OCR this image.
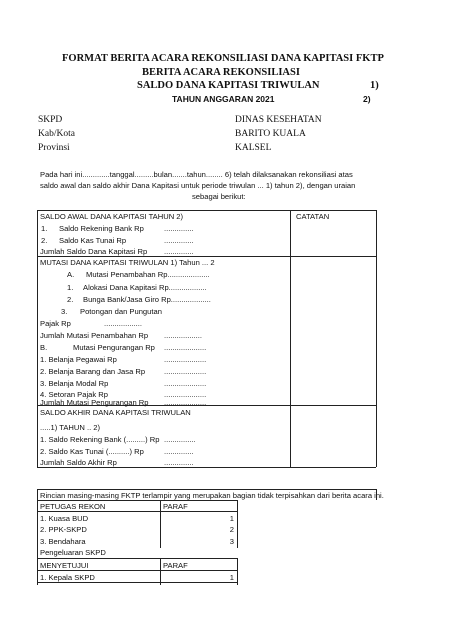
FORMAT BERITA ACARA REKONSILIASI DANA KAPITASI FKTP
BERITA ACARA REKONSILIASI
SALDO DANA KAPITASI TRIWULAN	1)
TAHUN ANGGARAN 2021	2)
SKPD	DINAS KESEHATAN
Kab/Kota	BARITO KUALA
Provinsi	KALSEL
Pada hari ini.............tanggal.........bulan.......tahun........ 6) telah dilaksanakan rekonsiliasi atas
saldo awal dan saldo akhir Dana Kapitasi untuk periode triwulan ... 1) tahun 2), dengan uraian
sebagai berikut:
CATATAN
SALDO AWAL DANA KAPITASI TAHUN 2)
1. Saldo Rekening Bank Rp	..............
2. Saldo Kas Tunai Rp	..............
Jumlah Saldo Dana Kapitasi Rp ..............
MUTASI DANA KAPITASI TRIWULAN 1) Tahun ... 2
A. Mutasi Penambahan Rp....................
1. Alokasi Dana Kapitasi Rp..................
2. Bunga Bank/Jasa Giro Rp...................
3. Potongan dan Pungutan
Pajak Rp	..................
Jumlah Mutasi Penambahan Rp ..................
B.	Mutasi Pengurangan Rp ....................
1. Belanja Pegawai Rp	....................
2. Belanja Barang dan Jasa Rp ....................
3. Belanja Modal Rp	....................
4. Setoran Pajak Rp	....................
Jumlah Mutasi Pengurangan Rp ....................
SALDO AKHIR DANA KAPITASI TRIWULAN
.....1) TAHUN .. 2)
1. Saldo Rekening Bank (.........) Rp ...............
2. Saldo Kas Tunai (..........) Rp	..............
Jumlah Saldo Akhir Rp	..............
Rincian masing-masing FKTP terlampir yang merupakan bagian tidak terpisahkan dari berita acara ini.
PETUGAS REKON	PARAF
1. Kuasa BUD	1
2. PPK-SKPD	2
3. Bendahara	3
Pengeluaran SKPD
MENYETUJUI	PARAF
1. Kepala SKPD	1
